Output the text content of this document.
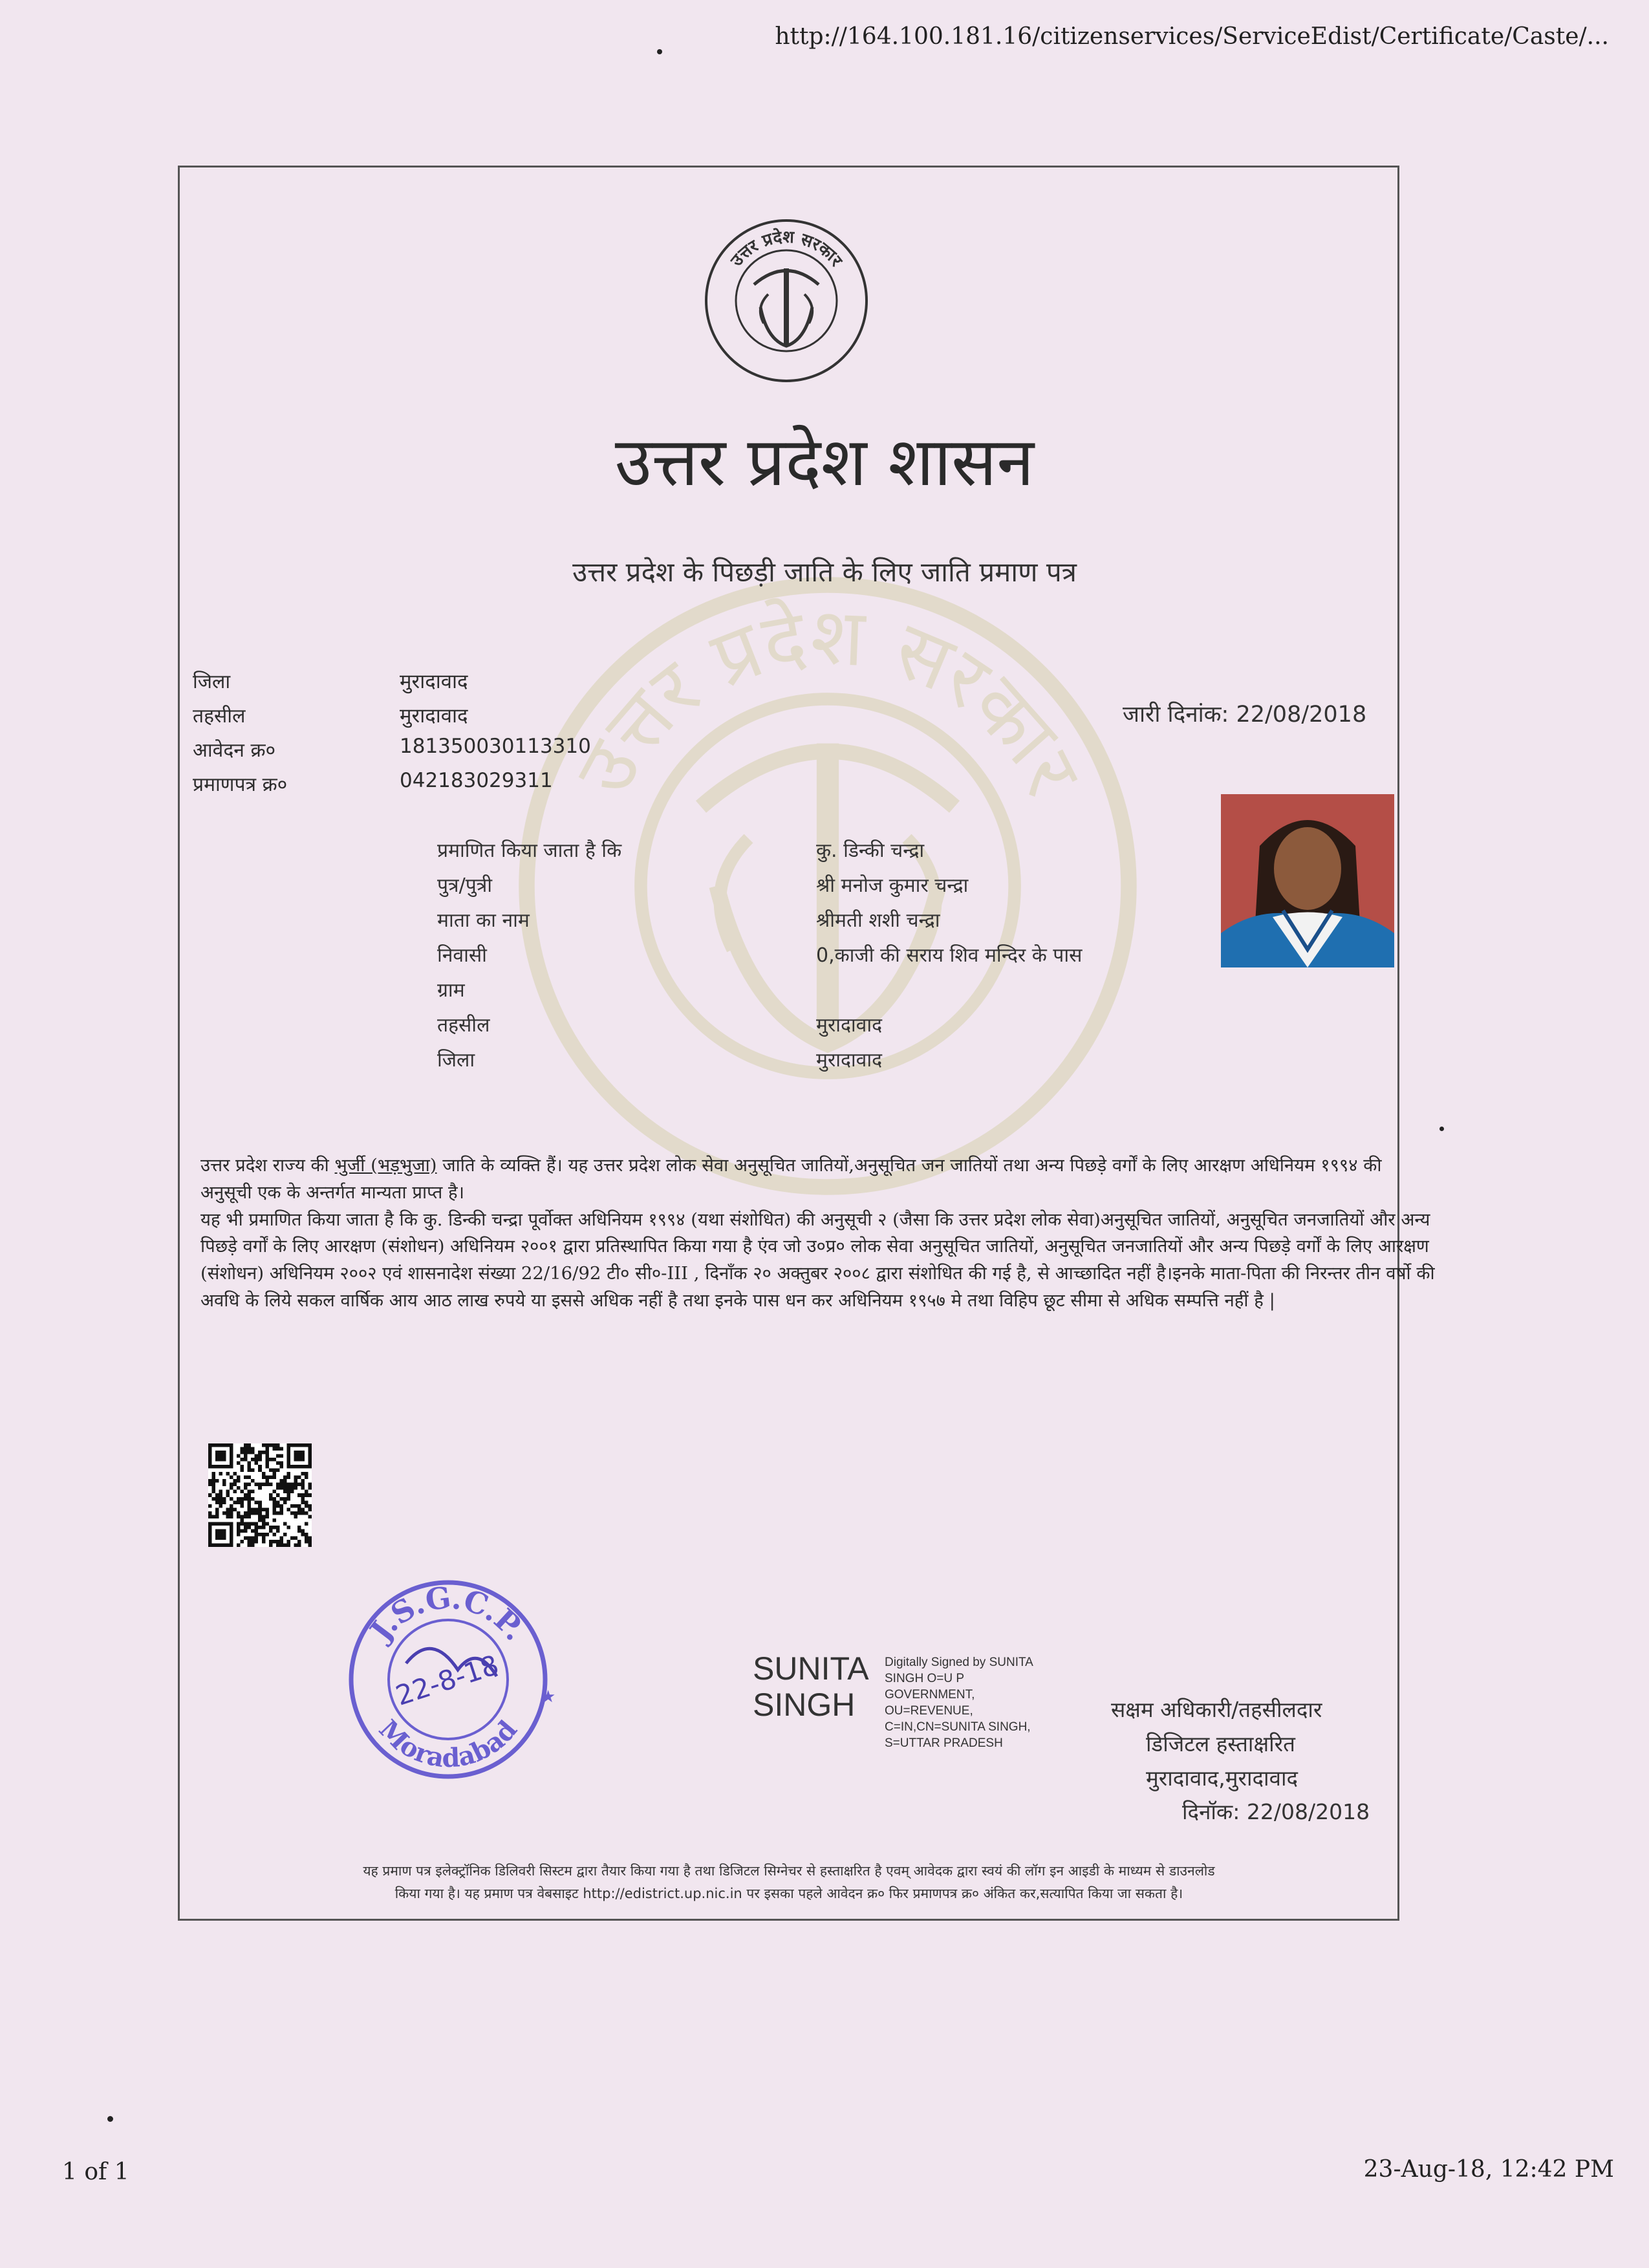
http://164.100.181.16/citizenservices/ServiceEdist/Certificate/Caste/...
1 of 1	23-Aug-18, 12:42 PM
उत्तर प्रदेश सरकार
उत्तर प्रदेश सरकार
उत्तर प्रदेश शासन
उत्तर प्रदेश के पिछड़ी जाति के लिए जाति प्रमाण पत्र
जिला	मुरादावाद
तहसील	मुरादावाद
आवेदन क्र०	181350030113310
प्रमाणपत्र क्र०	042183029311
जारी दिनांक: 22/08/2018
प्रमाणित किया जाता है कि	कु. डिन्की चन्द्रा
पुत्र/पुत्री	श्री मनोज कुमार चन्द्रा
माता का नाम	श्रीमती शशी चन्द्रा
निवासी	0,काजी की सराय शिव मन्दिर के पास
ग्राम
तहसील	मुरादावाद
जिला	मुरादावाद

उत्तर प्रदेश राज्य की भुर्जी (भड़भुजा) जाति के व्यक्ति हैं। यह उत्तर प्रदेश लोक सेवा अनुसूचित जातियों,अनुसूचित जन जातियों तथा अन्य पिछड़े वर्गों के लिए आरक्षण अधिनियम १९९४ की अनुसूची एक के अन्तर्गत मान्यता प्राप्त है।
यह भी प्रमाणित किया जाता है कि कु. डिन्की चन्द्रा पूर्वोक्त अधिनियम १९९४ (यथा संशोधित) की अनुसूची २ (जैसा कि उत्तर प्रदेश लोक सेवा)अनुसूचित जातियों, अनुसूचित जनजातियों और अन्य पिछड़े वर्गों के लिए आरक्षण (संशोधन) अधिनियम २००१ द्वारा प्रतिस्थापित किया गया है एंव जो उ०प्र० लोक सेवा अनुसूचित जातियों, अनुसूचित जनजातियों और अन्य पिछड़े वर्गों के लिए आरक्षण (संशोधन) अधिनियम २००२ एवं शासनादेश संख्या 22/16/92 टी० सी०-III , दिनाँक २० अक्तुबर २००८ द्वारा संशोधित की गई है, से आच्छादित नहीं है।इनके माता-पिता की निरन्तर तीन वर्षो की अवधि के लिये सकल वार्षिक आय आठ लाख रुपये या इससे अधिक नहीं है तथा इनके पास धन कर अधिनियम १९५७ मे तथा विहिप छूट सीमा से अधिक सम्पत्ति नहीं है |

J.S.G.C.P.
Moradabad
22-8-18 ★
SUNITA
SINGH
Digitally Signed by SUNITA
SINGH O=U P
GOVERNMENT,
OU=REVENUE,
C=IN,CN=SUNITA SINGH,
S=UTTAR PRADESH
सक्षम अधिकारी/तहसीलदार
डिजिटल हस्ताक्षरित
मुरादावाद,मुरादावाद
दिनॉक: 22/08/2018
यह प्रमाण पत्र इलेक्ट्रॉनिक डिलिवरी सिस्टम द्वारा तैयार किया गया है तथा डिजिटल सिग्नेचर से हस्ताक्षरित है एवम् आवेदक द्वारा स्वयं की लॉग इन आइडी के माध्यम से डाउनलोड
किया गया है। यह प्रमाण पत्र वेबसाइट http://edistrict.up.nic.in पर इसका पहले आवेदन क्र० फिर प्रमाणपत्र क्र० अंकित कर,सत्यापित किया जा सकता है।
